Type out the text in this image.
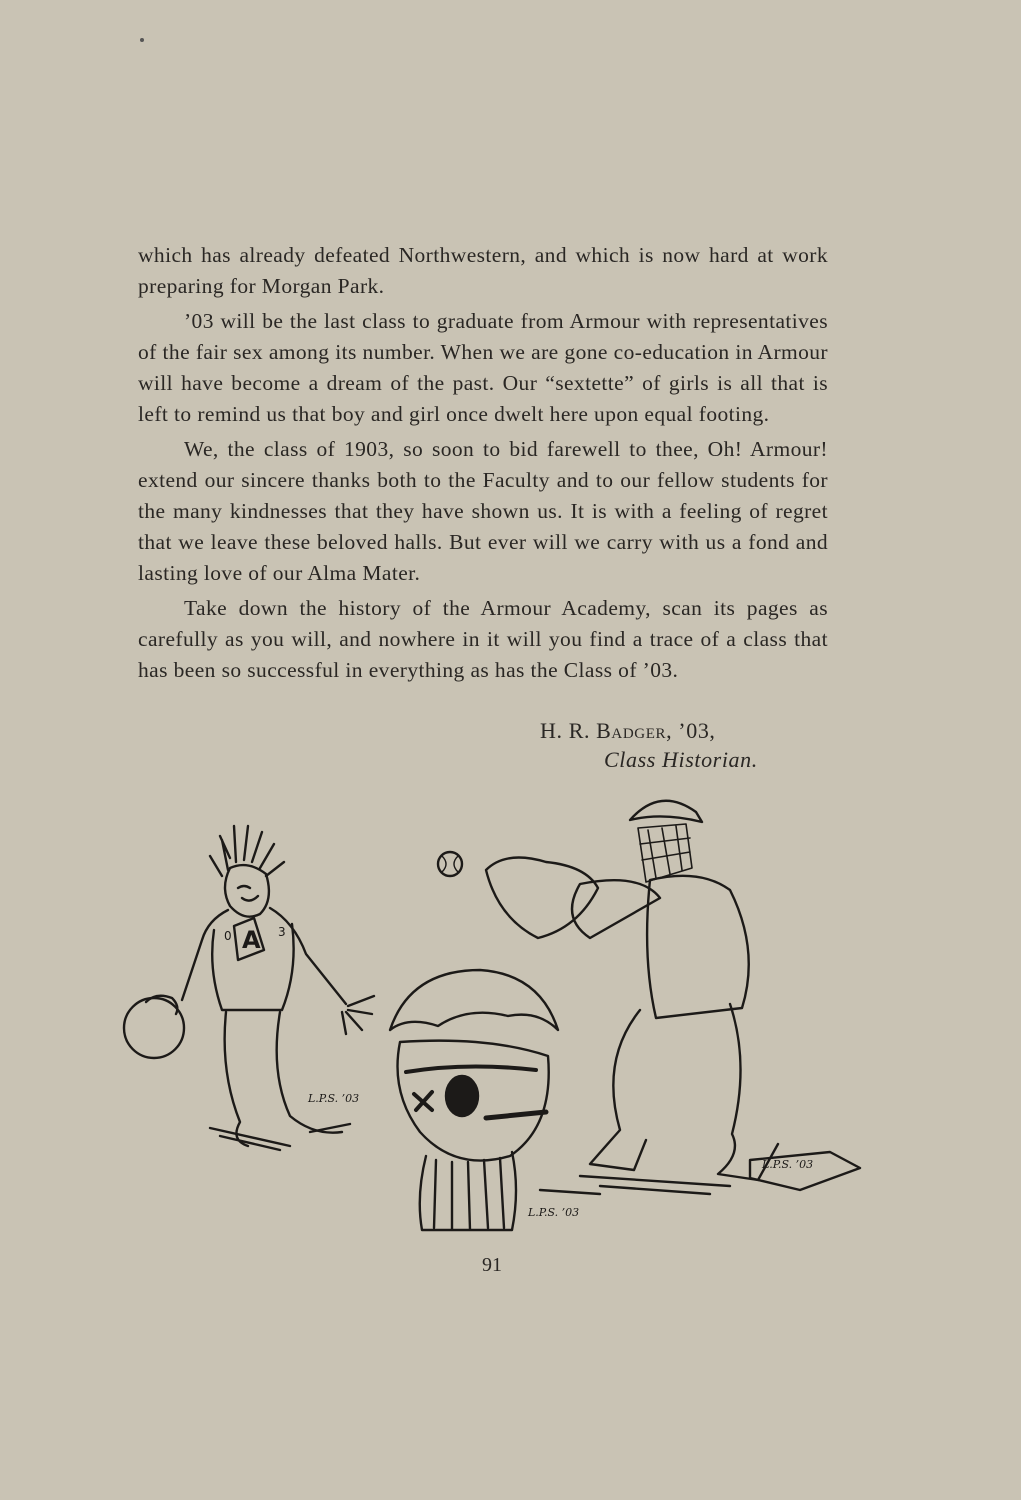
which has already defeated Northwestern, and which is now hard at work preparing for Morgan Park.

’03 will be the last class to graduate from Armour with representatives of the fair sex among its number. When we are gone co-education in Armour will have become a dream of the past. Our “sextette” of girls is all that is left to remind us that boy and girl once dwelt here upon equal footing.

We, the class of 1903, so soon to bid farewell to thee, Oh! Armour! extend our sincere thanks both to the Faculty and to our fellow students for the many kindnesses that they have shown us. It is with a feeling of regret that we leave these beloved halls. But ever will we carry with us a fond and lasting love of our Alma Mater.

Take down the history of the Armour Academy, scan its pages as carefully as you will, and nowhere in it will you find a trace of a class that has been so successful in everything as has the Class of ’03.

H. R. Badger, ’03,
Class Historian.
A
0	3
L.P.S. ’03
L.P.S. ’03
L.P.S. ’03
91
